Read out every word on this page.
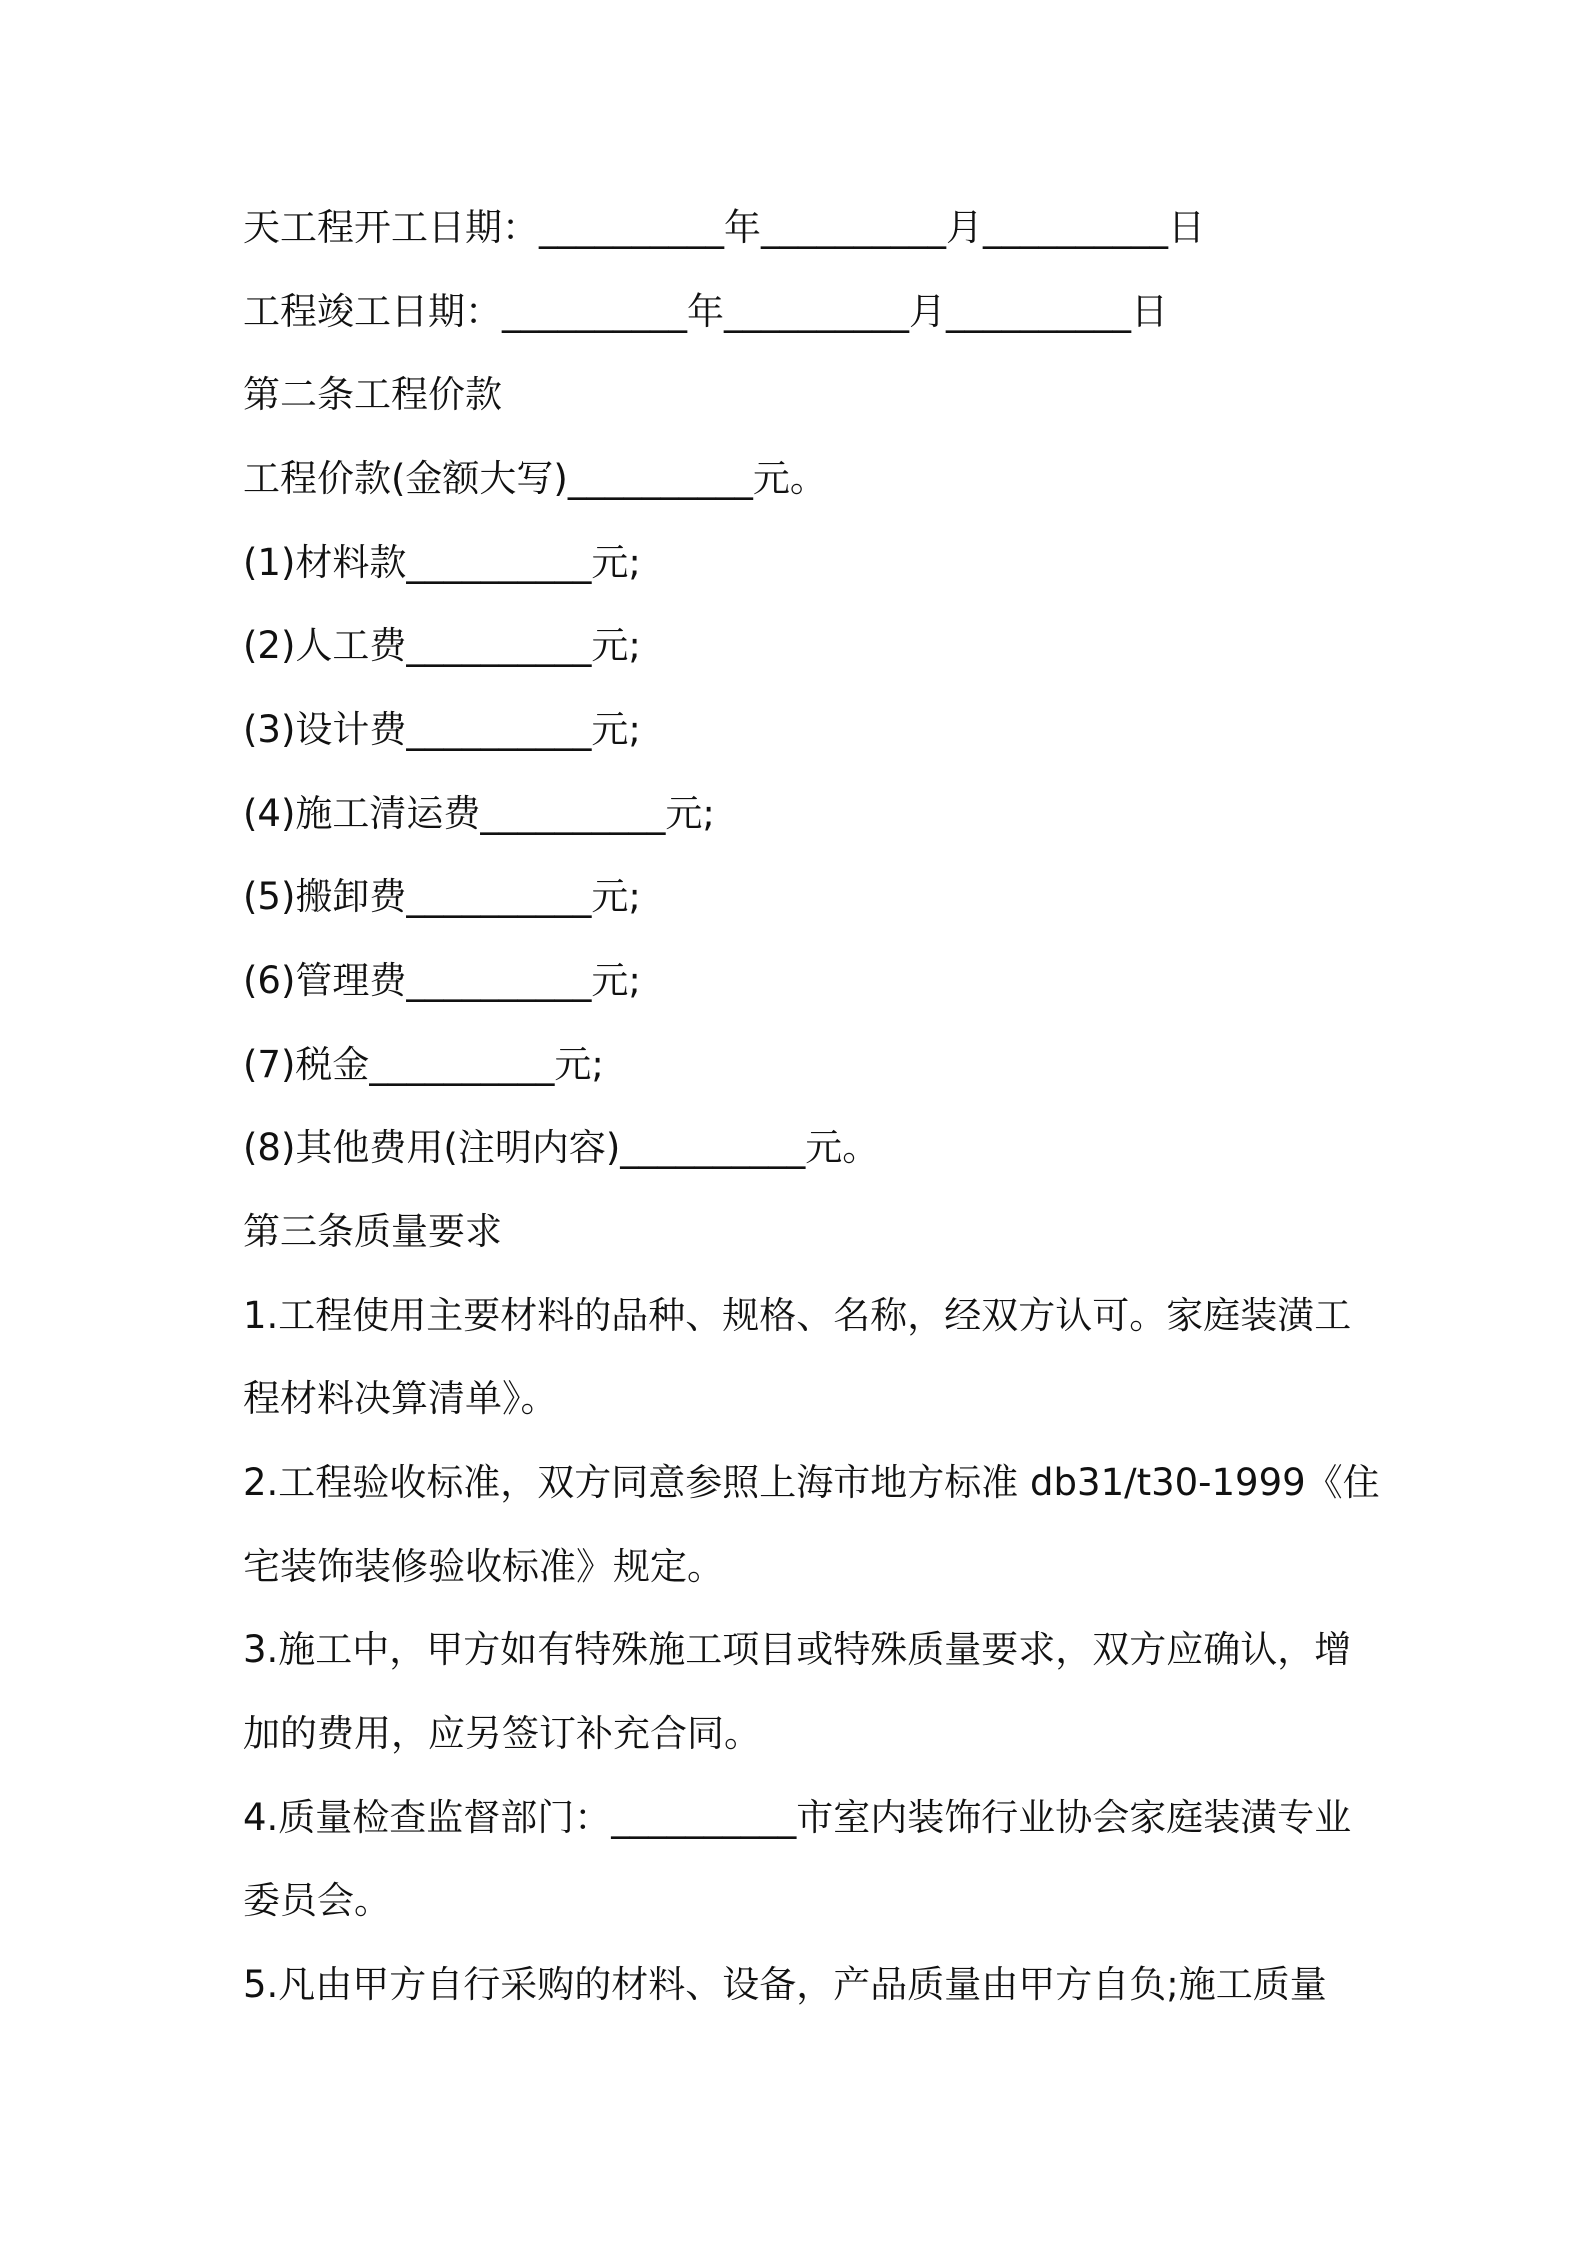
天工程开工日期：__________年__________月__________日
工程竣工日期：__________年__________月__________日
第二条工程价款
工程价款(金额大写)__________元。
(1)材料款__________元;
(2)人工费__________元;
(3)设计费__________元;
(4)施工清运费__________元;
(5)搬卸费__________元;
(6)管理费__________元;
(7)税金__________元;
(8)其他费用(注明内容)__________元。
第三条质量要求
1.工程使用主要材料的品种、规格、名称，经双方认可。家庭装潢工
程材料决算清单》。
2.工程验收标准，双方同意参照上海市地方标准 db31/t30-1999《住
宅装饰装修验收标准》规定。
3.施工中，甲方如有特殊施工项目或特殊质量要求，双方应确认，增
加的费用，应另签订补充合同。
4.质量检查监督部门：__________市室内装饰行业协会家庭装潢专业
委员会。
5.凡由甲方自行采购的材料、设备，产品质量由甲方自负;施工质量
